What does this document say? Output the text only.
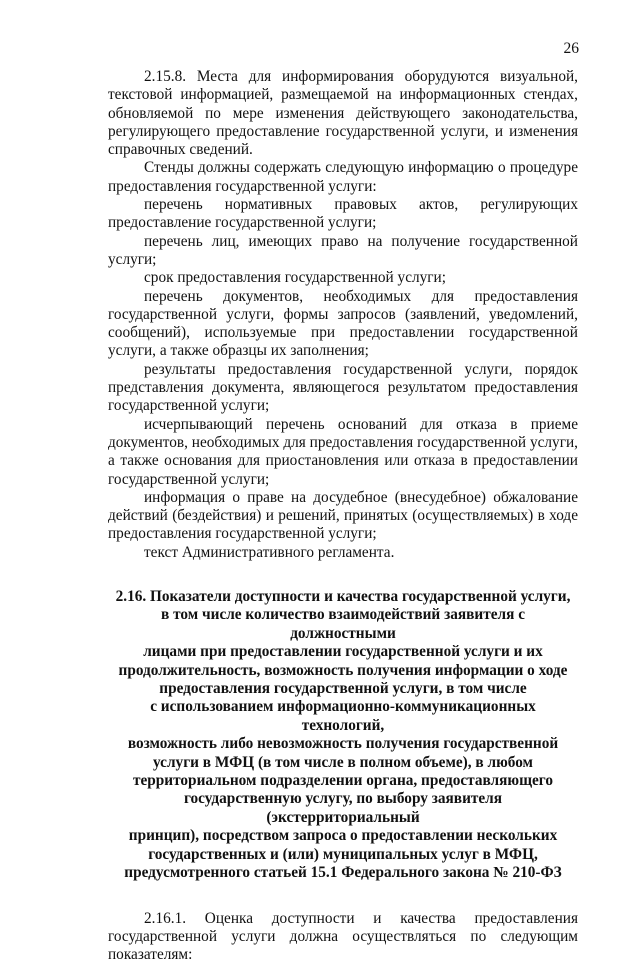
26

2.15.8. Места для информирования оборудуются визуальной, текстовой информацией, размещаемой на информационных стендах, обновляемой по мере изменения действующего законодательства, регулирующего предоставление государственной услуги, и изменения справочных сведений.

Стенды должны содержать следующую информацию о процедуре предоставления государственной услуги:

перечень нормативных правовых актов, регулирующих предоставление государственной услуги;

перечень лиц, имеющих право на получение государственной услуги;

срок предоставления государственной услуги;

перечень документов, необходимых для предоставления государственной услуги, формы запросов (заявлений, уведомлений, сообщений), используемые при предоставлении государственной услуги, а также образцы их заполнения;

результаты предоставления государственной услуги, порядок представления документа, являющегося результатом предоставления государственной услуги;

исчерпывающий перечень оснований для отказа в приеме документов, необходимых для предоставления государственной услуги, а также основания для приостановления или отказа в предоставлении государственной услуги;

информация о праве на досудебное (внесудебное) обжалование действий (бездействия) и решений, принятых (осуществляемых) в ходе предоставления государственной услуги;

текст Административного регламента.

2.16. Показатели доступности и качества государственной услуги,
в том числе количество взаимодействий заявителя с должностными
лицами при предоставлении государственной услуги и их
продолжительность, возможность получения информации о ходе
предоставления государственной услуги, в том числе
с использованием информационно-коммуникационных технологий,
возможность либо невозможность получения государственной
услуги в МФЦ (в том числе в полном объеме), в любом
территориальном подразделении органа, предоставляющего
государственную услугу, по выбору заявителя (экстерриториальный
принцип), посредством запроса о предоставлении нескольких
государственных и (или) муниципальных услуг в МФЦ,
предусмотренного статьей 15.1 Федерального закона № 210-ФЗ

2.16.1. Оценка доступности и качества предоставления государственной услуги должна осуществляться по следующим показателям:
